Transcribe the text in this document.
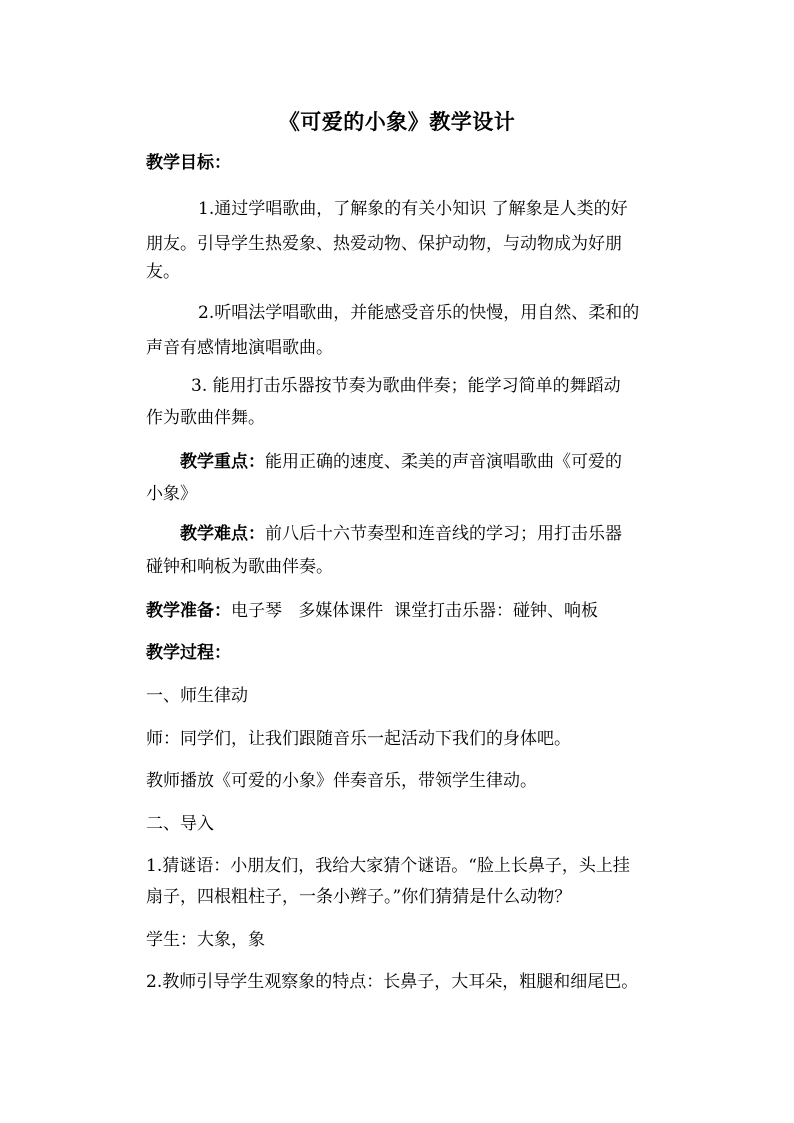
《可爱的小象》教学设计
教学目标：
1.通过学唱歌曲，了解象的有关小知识 了解象是人类的好
朋友。引导学生热爱象、热爱动物、保护动物，与动物成为好朋
友。
2.听唱法学唱歌曲，并能感受音乐的快慢，用自然、柔和的
声音有感情地演唱歌曲。
3. 能用打击乐器按节奏为歌曲伴奏；能学习简单的舞蹈动
作为歌曲伴舞。
教学重点：能用正确的速度、柔美的声音演唱歌曲《可爱的
小象》
教学难点：前八后十六节奏型和连音线的学习；用打击乐器
碰钟和响板为歌曲伴奏。
教学准备：电子琴   多媒体课件  课堂打击乐器：碰钟、响板
教学过程：
一、师生律动
师：同学们，让我们跟随音乐一起活动下我们的身体吧。
教师播放《可爱的小象》伴奏音乐，带领学生律动。
二、导入
1.猜谜语：小朋友们，我给大家猜个谜语。“脸上长鼻子，头上挂
扇子，四根粗柱子，一条小辫子。”你们猜猜是什么动物？
学生：大象，象
2.教师引导学生观察象的特点：长鼻子，大耳朵，粗腿和细尾巴。
